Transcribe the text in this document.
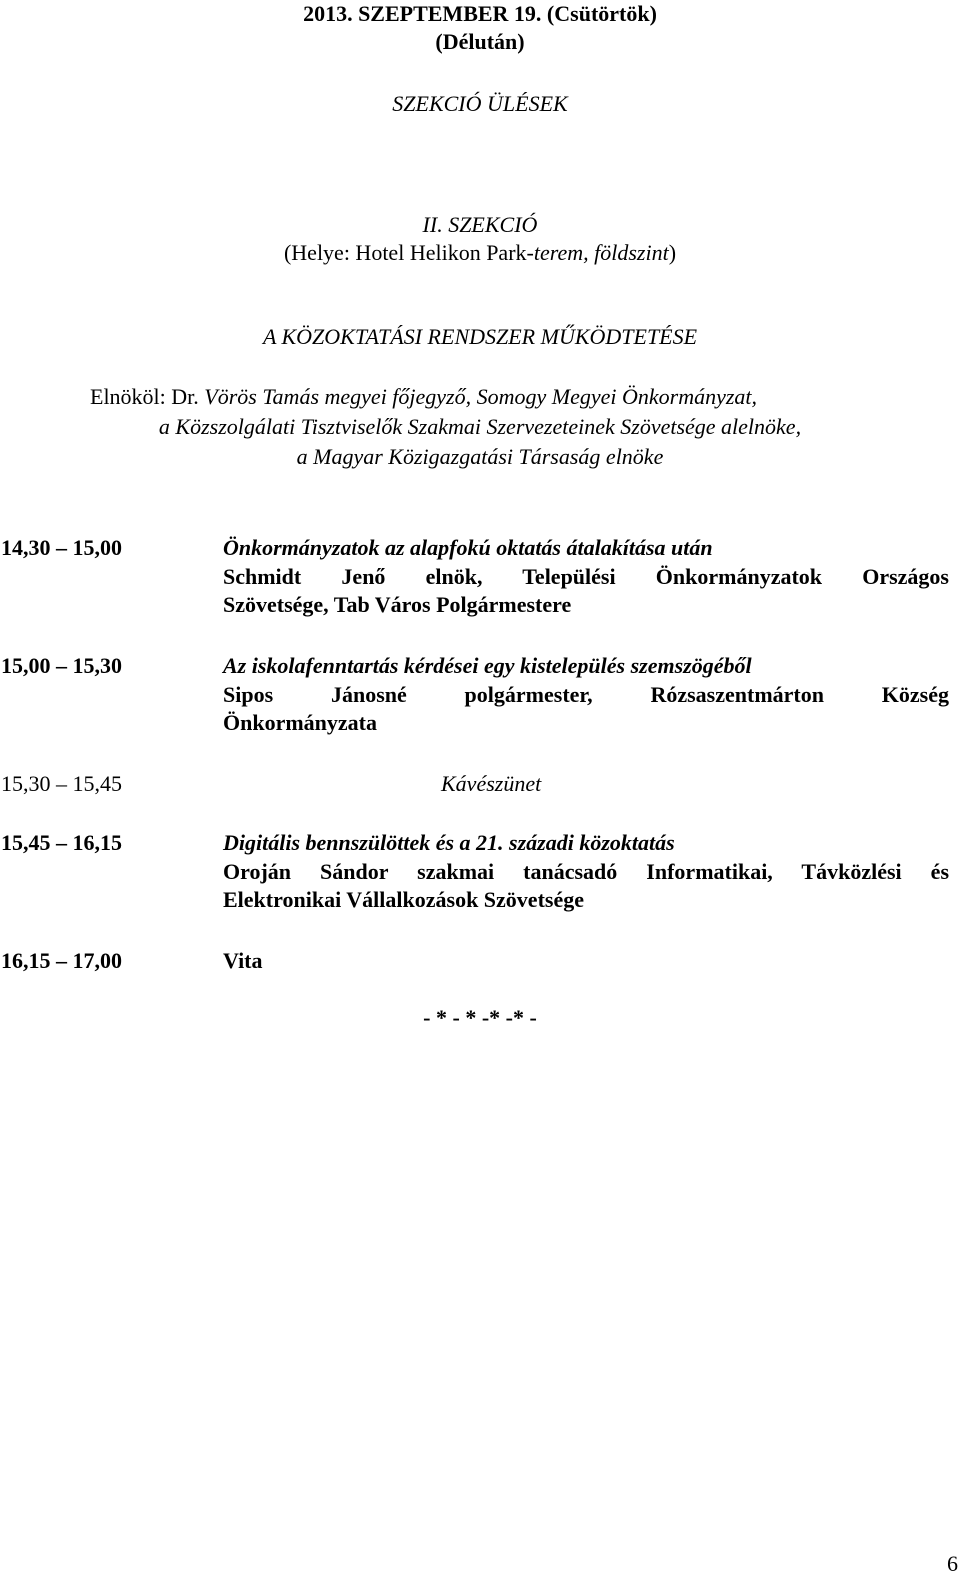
2013. SZEPTEMBER 19. (Csütörtök)
(Délután)
SZEKCIÓ ÜLÉSEK
II. SZEKCIÓ
(Helye: Hotel Helikon Park-terem, földszint)
A KÖZOKTATÁSI RENDSZER MŰKÖDTETÉSE
Elnököl: Dr. Vörös Tamás megyei főjegyző, Somogy Megyei Önkormányzat,
a Közszolgálati Tisztviselők Szakmai Szervezeteinek Szövetsége alelnöke,
a Magyar Közigazgatási Társaság elnöke
14,30 – 15,00	Önkormányzatok az alapfokú oktatás átalakítása után
Schmidt Jenő elnök, Települési Önkormányzatok Országos
Szövetsége, Tab Város Polgármestere
15,00 – 15,30	Az iskolafenntartás kérdései egy kistelepülés szemszögéből
Sipos Jánosné polgármester, Rózsaszentmárton Község
Önkormányzata
15,30 – 15,45	Kávészünet
15,45 – 16,15	Digitális bennszülöttek és a 21. századi közoktatás
Oroján Sándor szakmai tanácsadó Informatikai, Távközlési és
Elektronikai Vállalkozások Szövetsége
16,15 – 17,00	Vita
- * - * -* -* -
6
